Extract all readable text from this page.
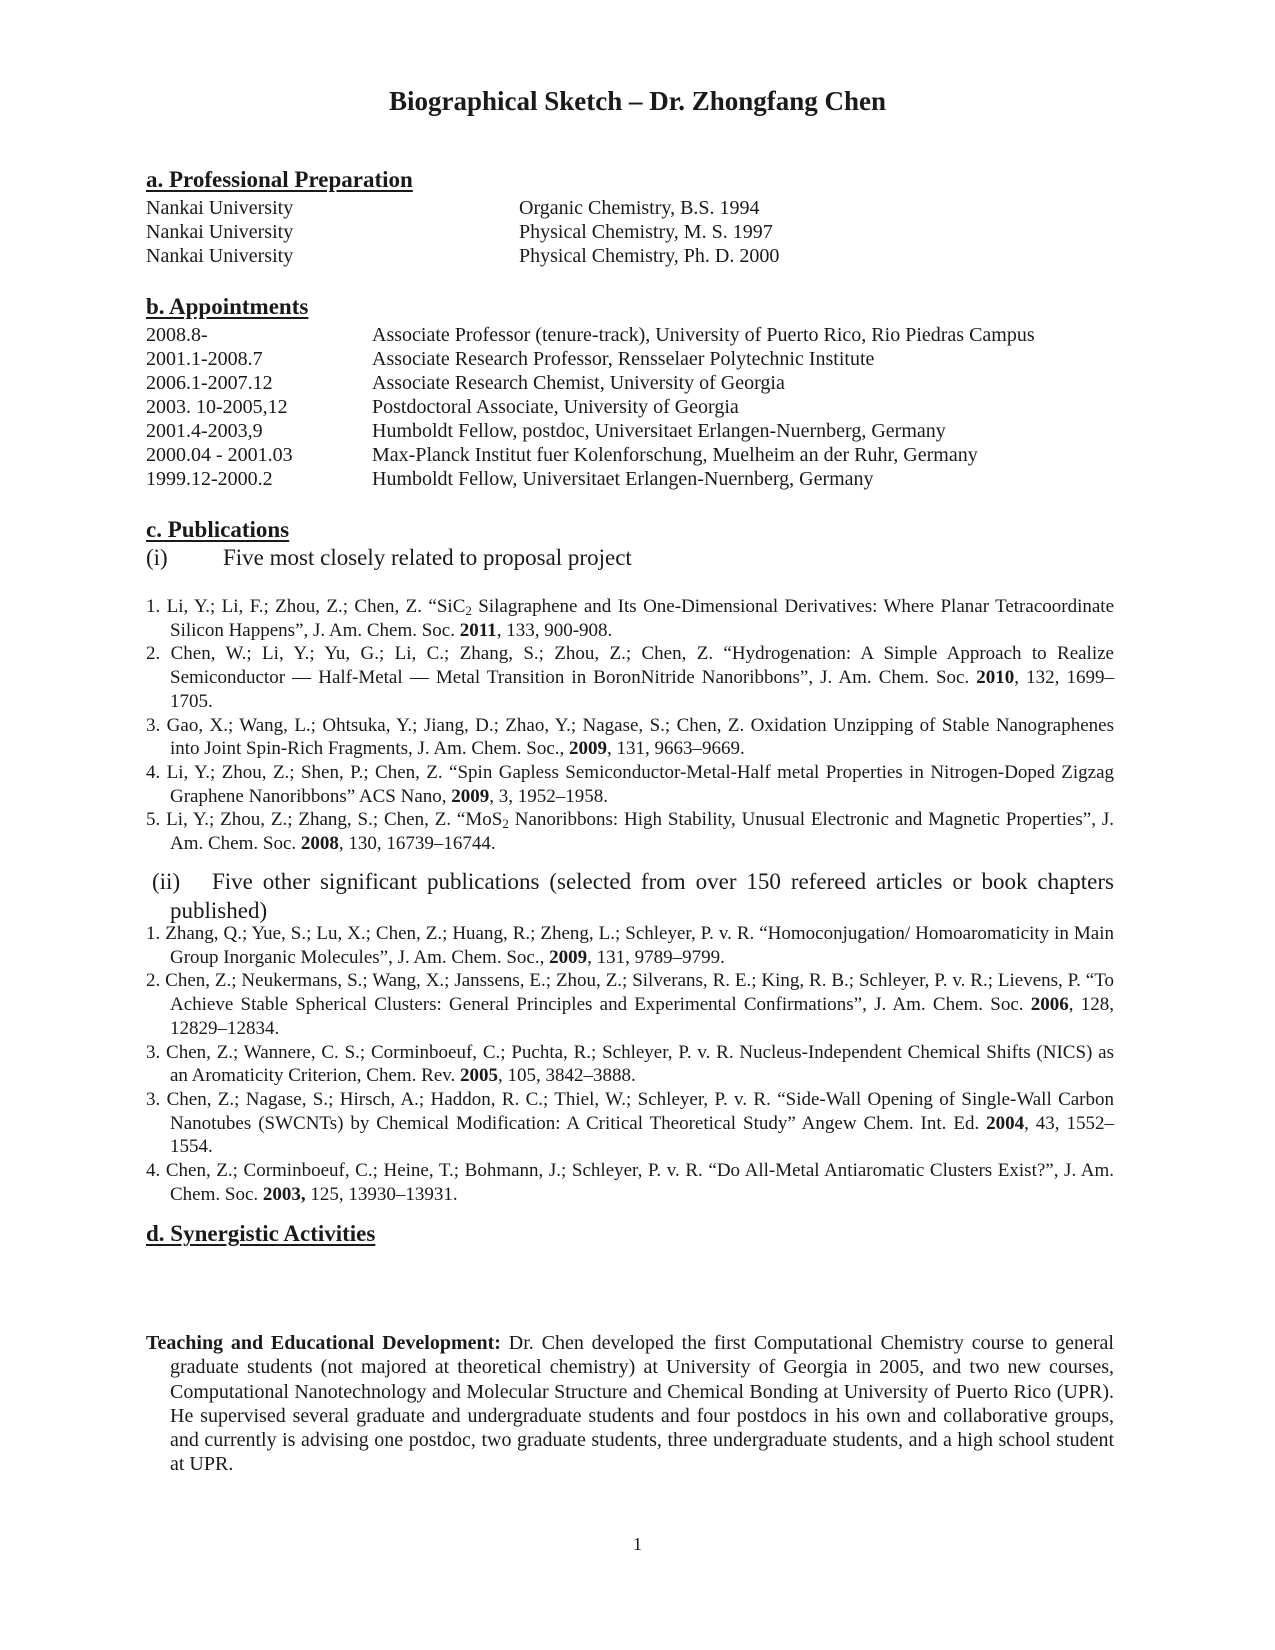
Biographical Sketch – Dr. Zhongfang Chen
a. Professional Preparation
Nankai University	Organic Chemistry, B.S. 1994
Nankai University	Physical Chemistry, M. S. 1997
Nankai University	Physical Chemistry, Ph. D. 2000
b. Appointments
2008.8-	Associate Professor (tenure-track), University of Puerto Rico, Rio Piedras Campus
2001.1-2008.7	Associate Research Professor, Rensselaer Polytechnic Institute
2006.1-2007.12	Associate Research Chemist, University of Georgia
2003. 10-2005,12	Postdoctoral Associate, University of Georgia
2001.4-2003,9	Humboldt Fellow, postdoc, Universitaet Erlangen-Nuernberg, Germany
2000.04 - 2001.03	Max-Planck Institut fuer Kolenforschung, Muelheim an der Ruhr, Germany
1999.12-2000.2	Humboldt Fellow, Universitaet Erlangen-Nuernberg, Germany
c. Publications
(i) Five most closely related to proposal project

1. Li, Y.; Li, F.; Zhou, Z.; Chen, Z. “SiC$_2$ Silagraphene and Its One-Dimensional Derivatives: Where Planar Tetracoordinate Silicon Happens”, J. Am. Chem. Soc. 2011, 133, 900-908.

2. Chen, W.; Li, Y.; Yu, G.; Li, C.; Zhang, S.; Zhou, Z.; Chen, Z. “Hydrogenation: A Simple Approach to Realize Semiconductor — Half-Metal — Metal Transition in BoronNitride Nanoribbons”, J. Am. Chem. Soc. 2010, 132, 1699–1705.

3. Gao, X.; Wang, L.; Ohtsuka, Y.; Jiang, D.; Zhao, Y.; Nagase, S.; Chen, Z. Oxidation Unzipping of Stable Nanographenes into Joint Spin-Rich Fragments, J. Am. Chem. Soc., 2009, 131, 9663–9669.

4. Li, Y.; Zhou, Z.; Shen, P.; Chen, Z. “Spin Gapless Semiconductor-Metal-Half metal Properties in Nitrogen-Doped Zigzag Graphene Nanoribbons” ACS Nano, 2009, 3, 1952–1958.

5. Li, Y.; Zhou, Z.; Zhang, S.; Chen, Z. “MoS$_2$ Nanoribbons: High Stability, Unusual Electronic and Magnetic Properties”, J. Am. Chem. Soc. 2008, 130, 16739–16744.

(ii) Five other significant publications (selected from over 150 refereed articles or book chapters published)

1. Zhang, Q.; Yue, S.; Lu, X.; Chen, Z.; Huang, R.; Zheng, L.; Schleyer, P. v. R. “Homoconjugation/ Homoaromaticity in Main Group Inorganic Molecules”, J. Am. Chem. Soc., 2009, 131, 9789–9799.

2. Chen, Z.; Neukermans, S.; Wang, X.; Janssens, E.; Zhou, Z.; Silverans, R. E.; King, R. B.; Schleyer, P. v. R.; Lievens, P. “To Achieve Stable Spherical Clusters: General Principles and Experimental Confirmations”, J. Am. Chem. Soc. 2006, 128, 12829–12834.

3. Chen, Z.; Wannere, C. S.; Corminboeuf, C.; Puchta, R.; Schleyer, P. v. R. Nucleus-Independent Chemical Shifts (NICS) as an Aromaticity Criterion, Chem. Rev. 2005, 105, 3842–3888.

3. Chen, Z.; Nagase, S.; Hirsch, A.; Haddon, R. C.; Thiel, W.; Schleyer, P. v. R. “Side-Wall Opening of Single-Wall Carbon Nanotubes (SWCNTs) by Chemical Modification: A Critical Theoretical Study” Angew Chem. Int. Ed. 2004, 43, 1552–1554.

4. Chen, Z.; Corminboeuf, C.; Heine, T.; Bohmann, J.; Schleyer, P. v. R. “Do All-Metal Antiaromatic Clusters Exist?”, J. Am. Chem. Soc. 2003, 125, 13930–13931.

d. Synergistic Activities

Teaching and Educational Development: Dr. Chen developed the first Computational Chemistry course to general graduate students (not majored at theoretical chemistry) at University of Georgia in 2005, and two new courses, Computational Nanotechnology and Molecular Structure and Chemical Bonding at University of Puerto Rico (UPR). He supervised several graduate and undergraduate students and four postdocs in his own and collaborative groups, and currently is advising one postdoc, two graduate students, three undergraduate students, and a high school student at UPR.

1
